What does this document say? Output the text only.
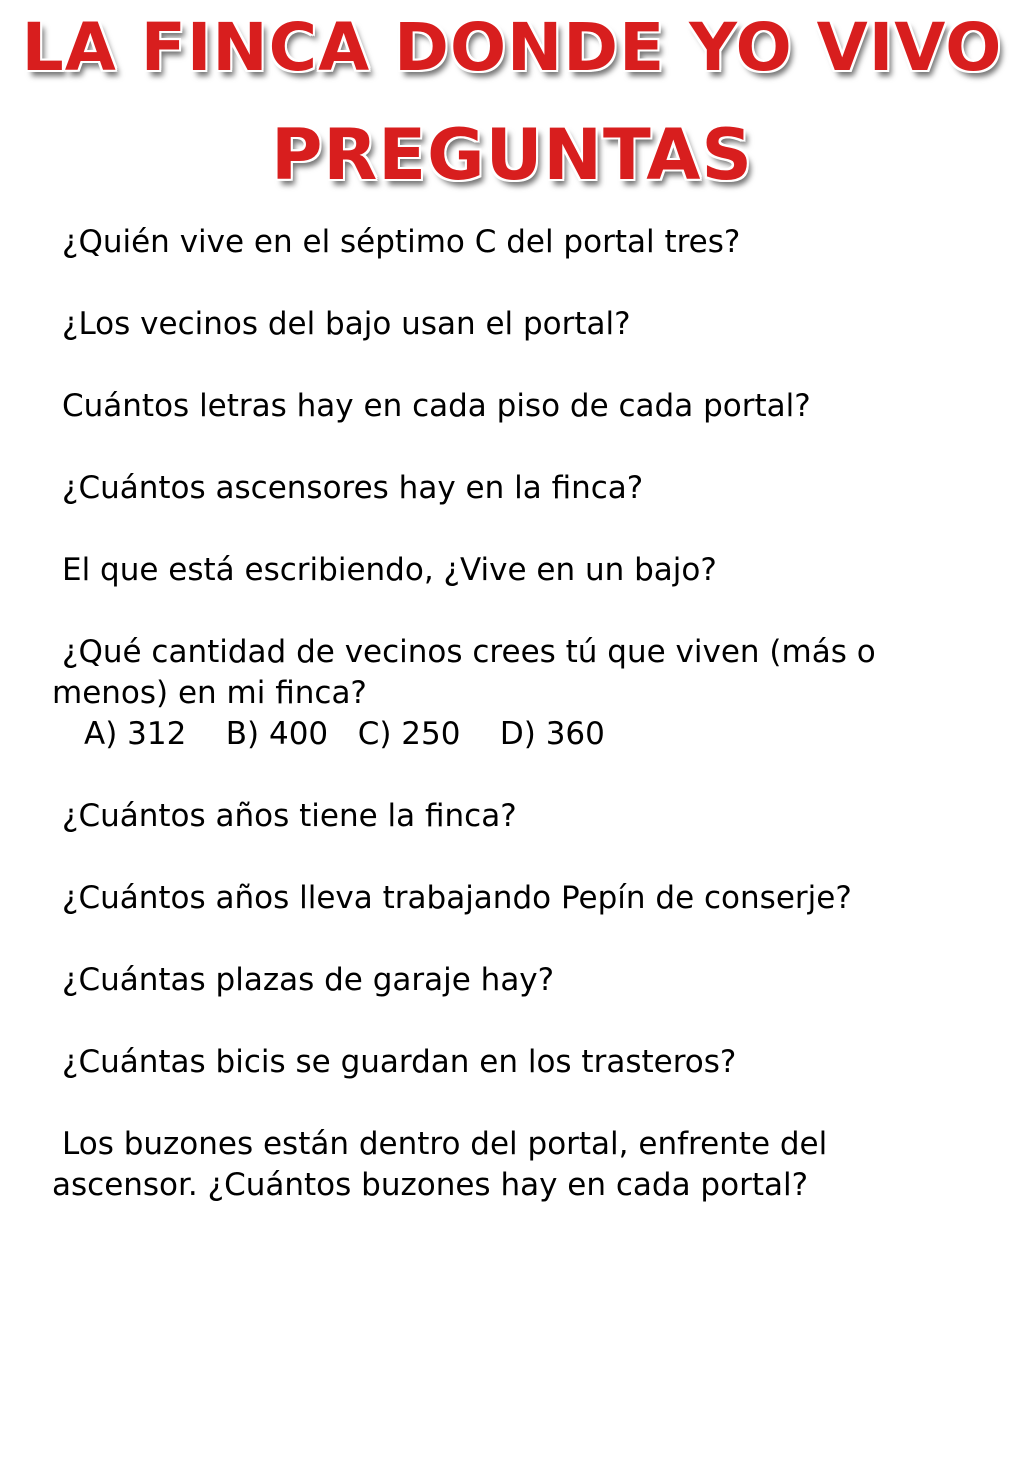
LA FINCA DONDE YO VIVO
PREGUNTAS
¿Quién vive en el séptimo C del portal tres?
¿Los vecinos del bajo usan el portal?
Cuántos letras hay en cada piso de cada portal?
¿Cuántos ascensores hay en la finca?
El que está escribiendo, ¿Vive en un bajo?
¿Qué cantidad de vecinos crees tú que viven (más o
menos) en mi finca?
A) 312 B) 400 C) 250 D) 360
¿Cuántos años tiene la finca?
¿Cuántos años lleva trabajando Pepín de conserje?
¿Cuántas plazas de garaje hay?
¿Cuántas bicis se guardan en los trasteros?
Los buzones están dentro del portal, enfrente del
ascensor. ¿Cuántos buzones hay en cada portal?
